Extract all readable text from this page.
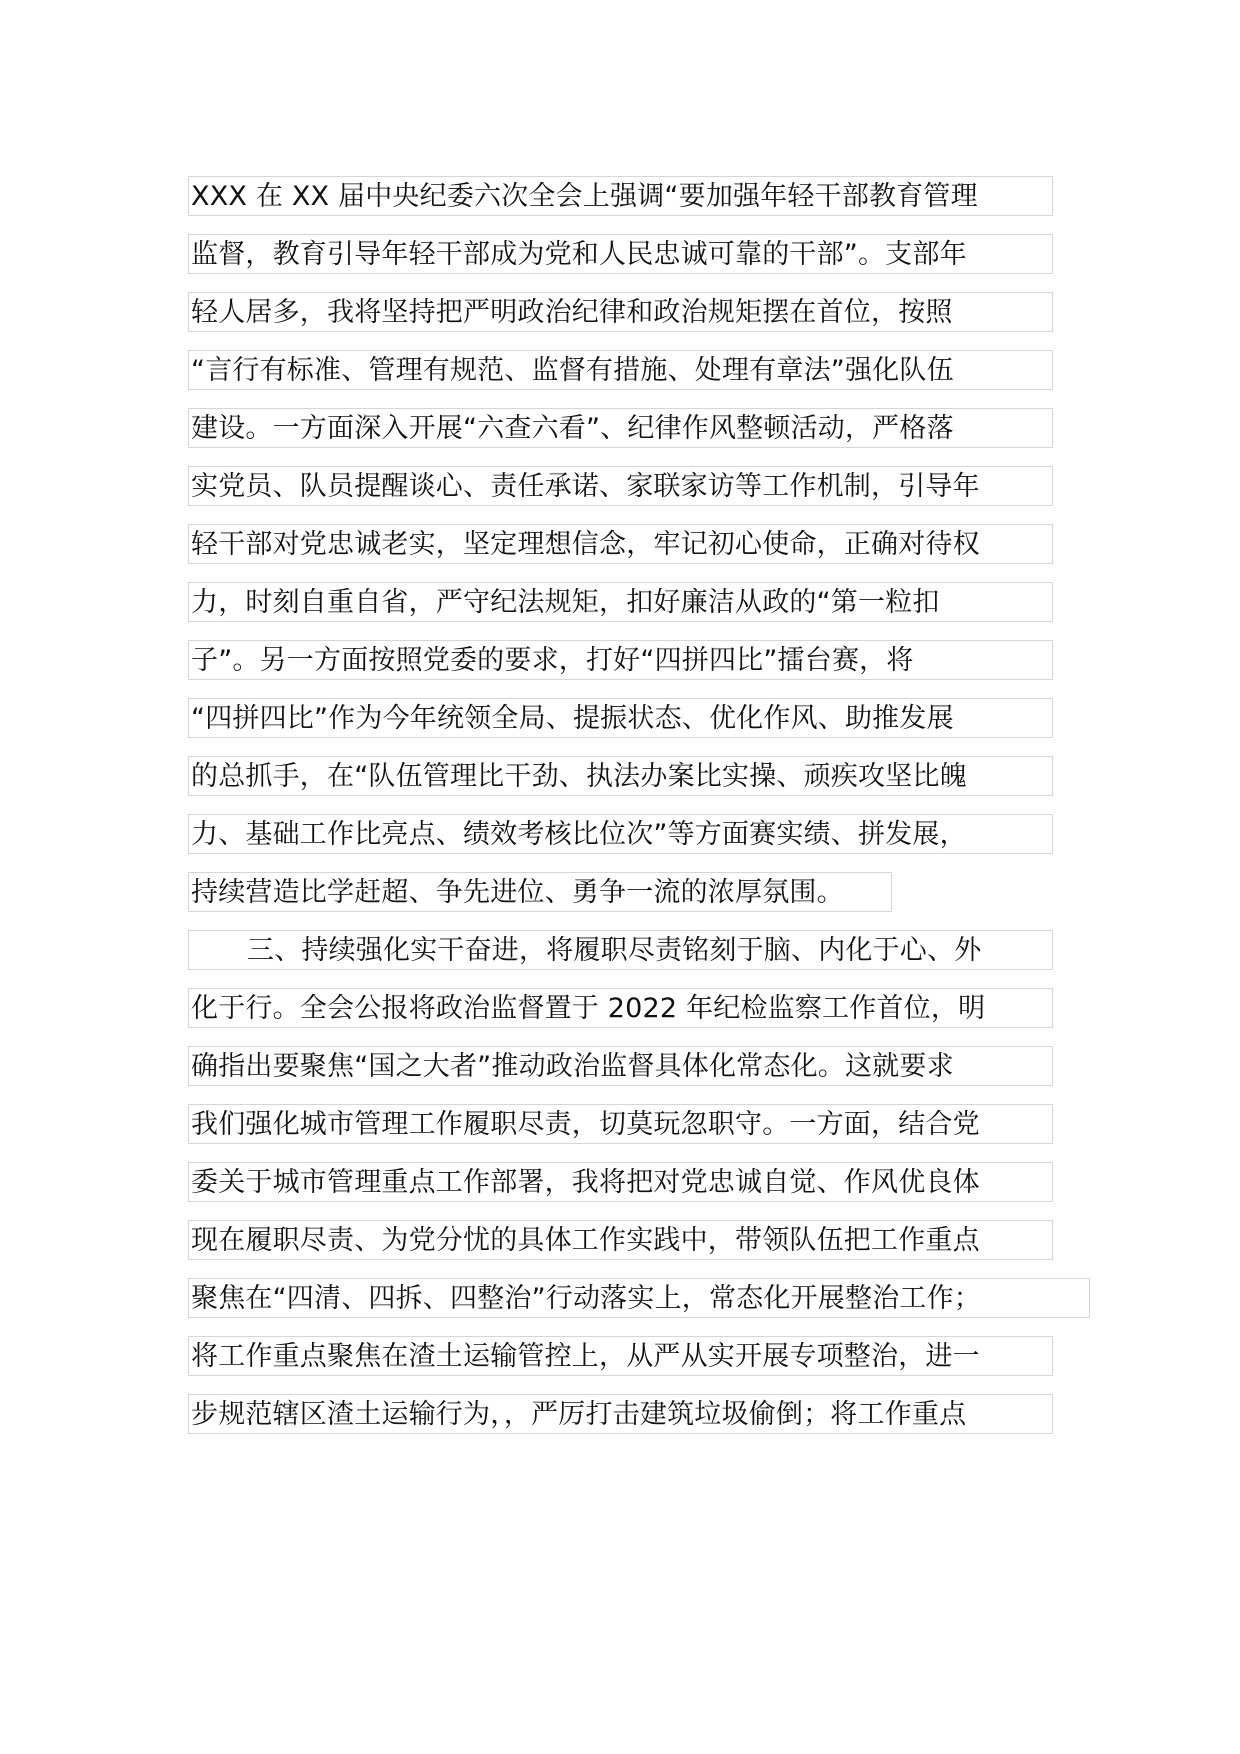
XXX 在 XX 届中央纪委六次全会上强调“要加强年轻干部教育管理
监督，教育引导年轻干部成为党和人民忠诚可靠的干部”。支部年
轻人居多，我将坚持把严明政治纪律和政治规矩摆在首位，按照
“言行有标准、管理有规范、监督有措施、处理有章法”强化队伍
建设。一方面深入开展“六查六看”、纪律作风整顿活动，严格落
实党员、队员提醒谈心、责任承诺、家联家访等工作机制，引导年
轻干部对党忠诚老实，坚定理想信念，牢记初心使命，正确对待权
力，时刻自重自省，严守纪法规矩，扣好廉洁从政的“第一粒扣
子”。另一方面按照党委的要求，打好“四拼四比”擂台赛，将
“四拼四比”作为今年统领全局、提振状态、优化作风、助推发展
的总抓手，在“队伍管理比干劲、执法办案比实操、顽疾攻坚比魄
力、基础工作比亮点、绩效考核比位次”等方面赛实绩、拼发展，
持续营造比学赶超、争先进位、勇争一流的浓厚氛围。
三、持续强化实干奋进，将履职尽责铭刻于脑、内化于心、外
化于行。全会公报将政治监督置于 2022 年纪检监察工作首位，明
确指出要聚焦“国之大者”推动政治监督具体化常态化。这就要求
我们强化城市管理工作履职尽责，切莫玩忽职守。一方面，结合党
委关于城市管理重点工作部署，我将把对党忠诚自觉、作风优良体
现在履职尽责、为党分忧的具体工作实践中，带领队伍把工作重点
聚焦在“四清、四拆、四整治”行动落实上，常态化开展整治工作；
将工作重点聚焦在渣土运输管控上，从严从实开展专项整治，进一
步规范辖区渣土运输行为，，严厉打击建筑垃圾偷倒；将工作重点
